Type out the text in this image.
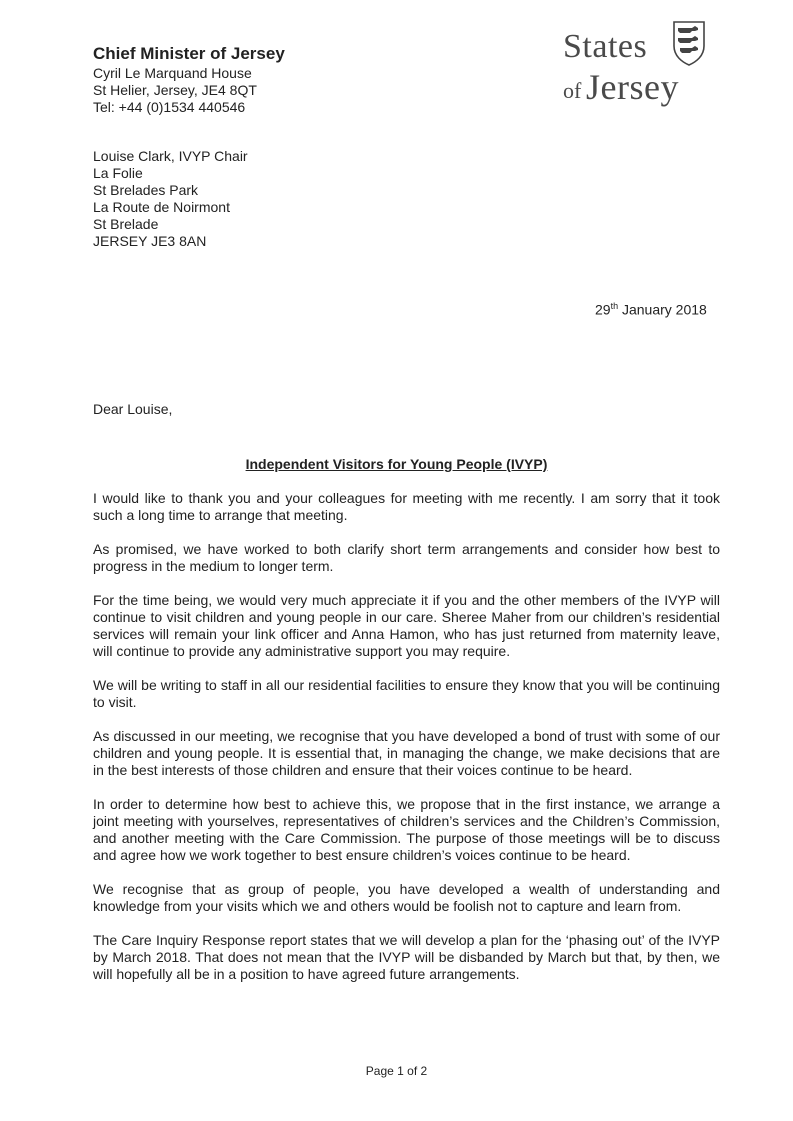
Chief Minister of Jersey
Cyril Le Marquand House
St Helier, Jersey, JE4 8QT
Tel: +44 (0)1534 440546
States
of Jersey
Louise Clark, IVYP Chair
La Folie
St Brelades Park
La Route de Noirmont
St Brelade
JERSEY JE3 8AN
29th January 2018
Dear Louise,
Independent Visitors for Young People (IVYP)

I would like to thank you and your colleagues for meeting with me recently. I am sorry that it took such a long time to arrange that meeting.

As promised, we have worked to both clarify short term arrangements and consider how best to progress in the medium to longer term.

For the time being, we would very much appreciate it if you and the other members of the IVYP will continue to visit children and young people in our care. Sheree Maher from our children’s residential services will remain your link officer and Anna Hamon, who has just returned from maternity leave, will continue to provide any administrative support you may require.

We will be writing to staff in all our residential facilities to ensure they know that you will be continuing to visit.

As discussed in our meeting, we recognise that you have developed a bond of trust with some of our children and young people. It is essential that, in managing the change, we make decisions that are in the best interests of those children and ensure that their voices continue to be heard.

In order to determine how best to achieve this, we propose that in the first instance, we arrange a joint meeting with yourselves, representatives of children’s services and the Children’s Commission, and another meeting with the Care Commission. The purpose of those meetings will be to discuss and agree how we work together to best ensure children’s voices continue to be heard.

We recognise that as group of people, you have developed a wealth of understanding and knowledge from your visits which we and others would be foolish not to capture and learn from.

The Care Inquiry Response report states that we will develop a plan for the ‘phasing out’ of the IVYP by March 2018. That does not mean that the IVYP will be disbanded by March but that, by then, we will hopefully all be in a position to have agreed future arrangements.

Page 1 of 2
